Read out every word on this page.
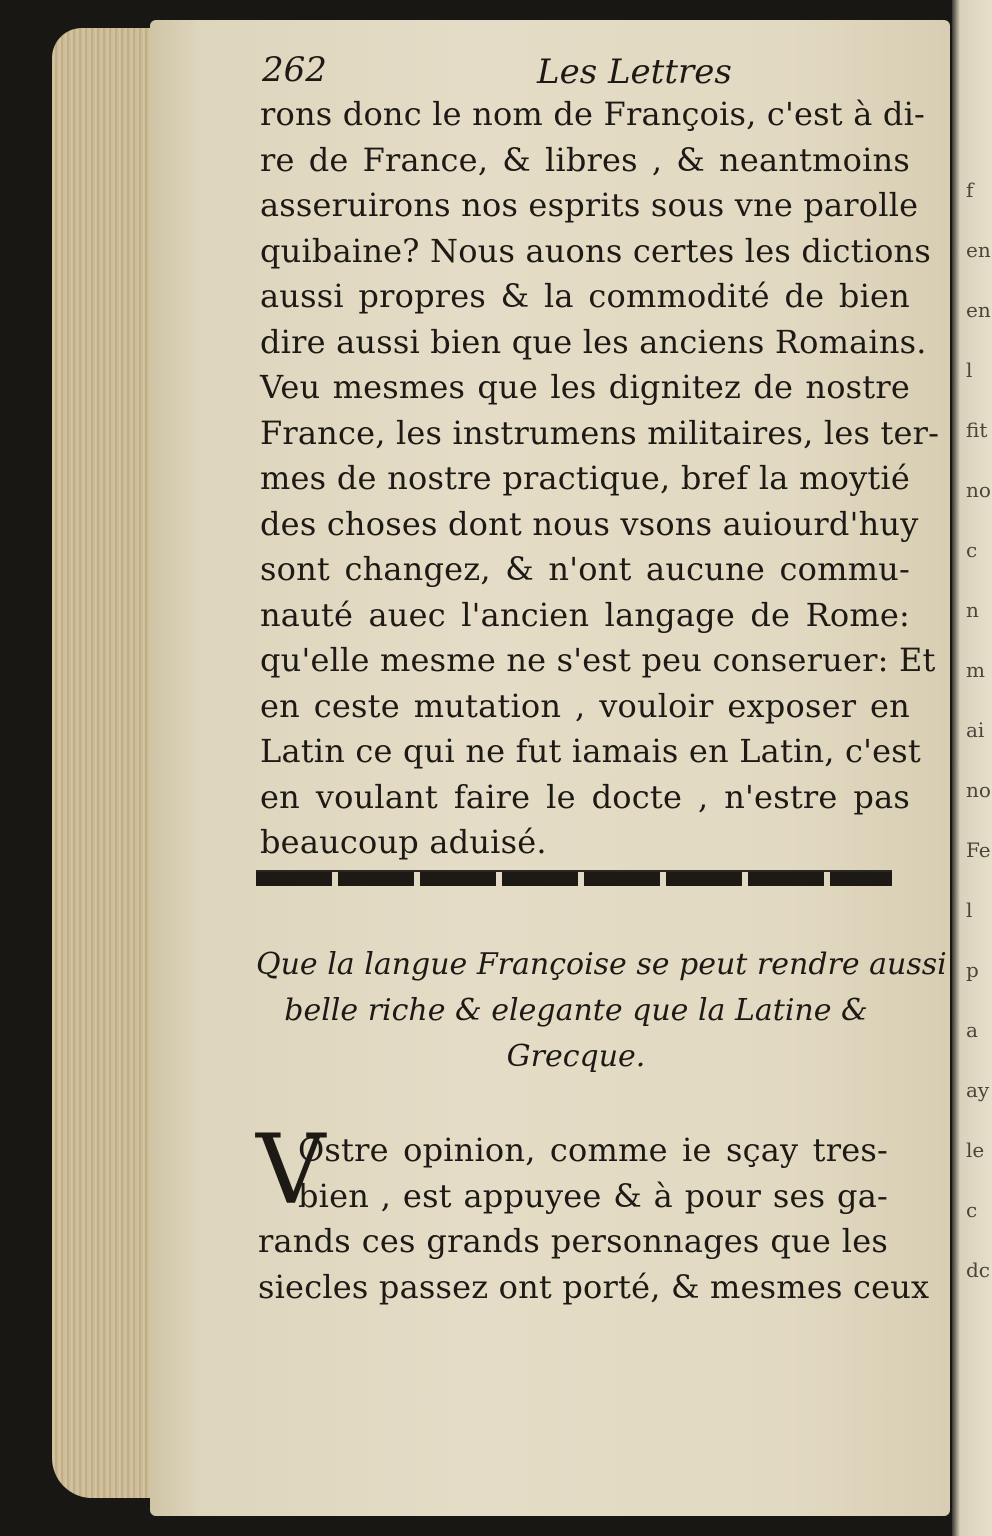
f
en
en
l
fit
no
c
n
m
ai
no
Fe
l
p
a
ay
le
c
dc
262	Les Lettres
rons donc le nom de François, c'est à di-
re de France, & libres , & neantmoins
asseruirons nos esprits sous vne parolle
quibaine? Nous auons certes les dictions
aussi propres & la commodité de bien
dire aussi bien que les anciens Romains.
Veu mesmes que les dignitez de nostre
France, les instrumens militaires, les ter-
mes de nostre practique, bref la moytié
des choses dont nous vsons auiourd'huy
sont changez, & n'ont aucune commu-
nauté auec l'ancien langage de Rome:
qu'elle mesme ne s'est peu conseruer: Et
en ceste mutation , vouloir exposer en
Latin ce qui ne fut iamais en Latin, c'est
en voulant faire le docte , n'estre pas
beaucoup aduisé.
Que la langue Françoise se peut rendre aussi
belle riche & elegante que la Latine &
Grecque.
V
Ostre opinion, comme ie sçay tres-
bien , est appuyee & à pour ses ga-
rands ces grands personnages que les
siecles passez ont porté, & mesmes ceux
